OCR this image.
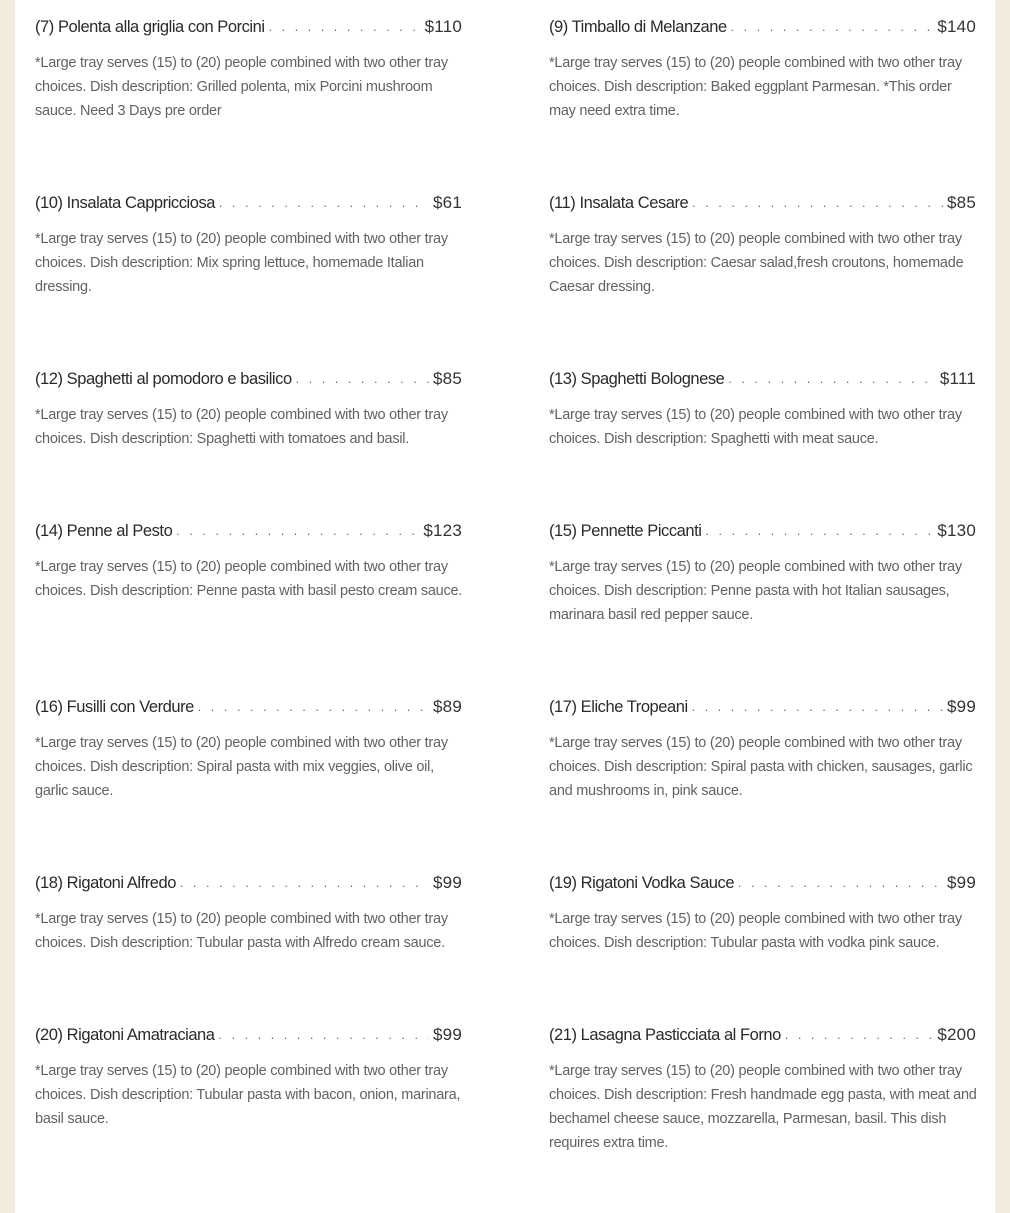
(7) Polenta alla griglia con Porcini . . .	$110
*Large tray serves (15) to (20) people combined with two other tray choices. Dish description: Grilled polenta, mix Porcini mushroom sauce. Need 3 Days pre order
(10) Insalata Cappricciosa . . .	$61
*Large tray serves (15) to (20) people combined with two other tray choices. Dish description: Mix spring lettuce, homemade Italian dressing.
(12) Spaghetti al pomodoro e basilico . . .	$85
*Large tray serves (15) to (20) people combined with two other tray choices. Dish description: Spaghetti with tomatoes and basil.
(14) Penne al Pesto . . .	$123
*Large tray serves (15) to (20) people combined with two other tray choices. Dish description: Penne pasta with basil pesto cream sauce.
(16) Fusilli con Verdure . . .	$89
*Large tray serves (15) to (20) people combined with two other tray choices. Dish description: Spiral pasta with mix veggies, olive oil, garlic sauce.
(18) Rigatoni Alfredo . . .	$99
*Large tray serves (15) to (20) people combined with two other tray choices. Dish description: Tubular pasta with Alfredo cream sauce.
(20) Rigatoni Amatraciana . . .	$99
*Large tray serves (15) to (20) people combined with two other tray choices. Dish description: Tubular pasta with bacon, onion, marinara, basil sauce.
(9) Timballo di Melanzane . . .	$140
*Large tray serves (15) to (20) people combined with two other tray choices. Dish description: Baked eggplant Parmesan. *This order may need extra time.
(11) Insalata Cesare . . .	$85
*Large tray serves (15) to (20) people combined with two other tray choices. Dish description: Caesar salad,fresh croutons, homemade Caesar dressing.
(13) Spaghetti Bolognese . . .	$111
*Large tray serves (15) to (20) people combined with two other tray choices. Dish description: Spaghetti with meat sauce.
(15) Pennette Piccanti . . .	$130
*Large tray serves (15) to (20) people combined with two other tray choices. Dish description: Penne pasta with hot Italian sausages, marinara basil red pepper sauce.
(17) Eliche Tropeani . . .	$99
*Large tray serves (15) to (20) people combined with two other tray choices. Dish description: Spiral pasta with chicken, sausages, garlic and mushrooms in, pink sauce.
(19) Rigatoni Vodka Sauce . . .	$99
*Large tray serves (15) to (20) people combined with two other tray choices. Dish description: Tubular pasta with vodka pink sauce.
(21) Lasagna Pasticciata al Forno . . .	$200
*Large tray serves (15) to (20) people combined with two other tray choices. Dish description: Fresh handmade egg pasta, with meat and bechamel cheese sauce, mozzarella, Parmesan, basil. This dish requires extra time.
